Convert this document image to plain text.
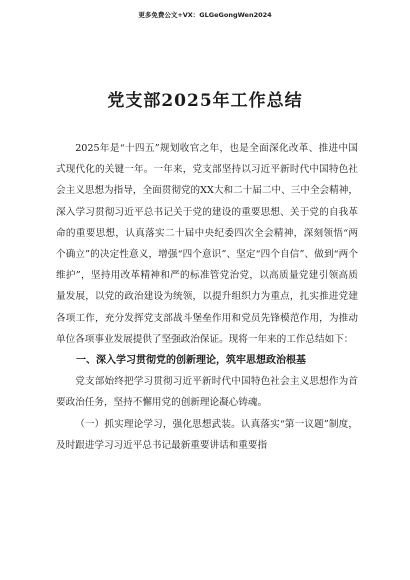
更多免费公文+VX：GLGeGongWen2024
党支部2025年工作总结

2025年是“十四五”规划收官之年，也是全面深化改革、推进中国式现代化的关键一年。一年来，党支部坚持以习近平新时代中国特色社会主义思想为指导，全面贯彻党的XX大和二十届二中、三中全会精神，深入学习贯彻习近平总书记关于党的建设的重要思想、关于党的自我革命的重要思想，认真落实二十届中央纪委四次全会精神，深刻领悟“两个确立”的决定性意义，增强“四个意识”、坚定“四个自信”、做到“两个维护”，坚持用改革精神和严的标准管党治党，以高质量党建引领高质量发展，以党的政治建设为统领，以提升组织力为重点，扎实推进党建各项工作，充分发挥党支部战斗堡垒作用和党员先锋模范作用，为推动单位各项事业发展提供了坚强政治保证。现将一年来的工作总结如下：

一、深入学习贯彻党的创新理论，筑牢思想政治根基

党支部始终把学习贯彻习近平新时代中国特色社会主义思想作为首要政治任务，坚持不懈用党的创新理论凝心铸魂。

（一）抓实理论学习，强化思想武装。认真落实“第一议题”制度，及时跟进学习习近平总书记最新重要讲话和重要指
